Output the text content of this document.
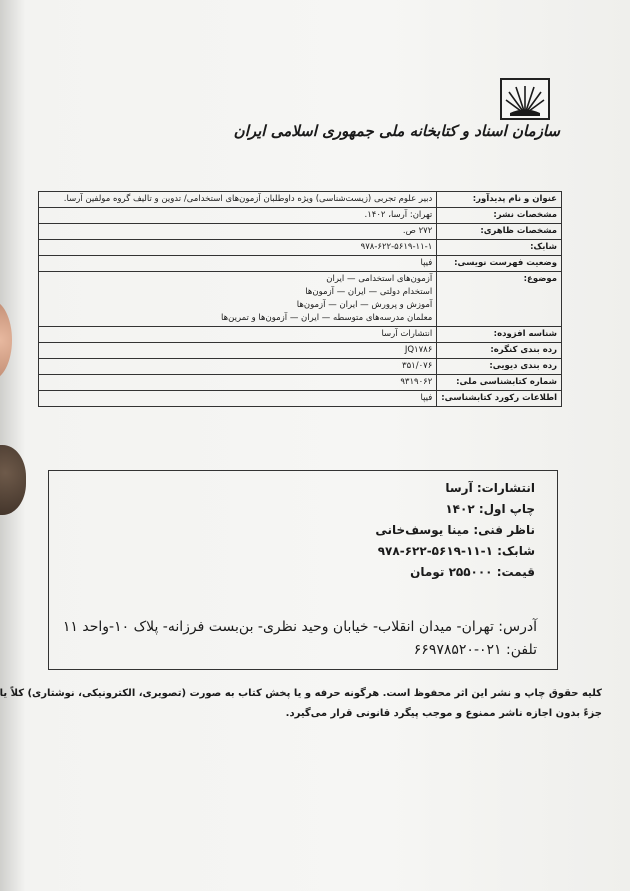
سازمان اسناد و کتابخانه ملی جمهوری اسلامی ایران
عنوان و نام پدیدآور:	دبیر علوم تجربی (زیست‌شناسی) ویژه داوطلبان آزمون‌های استخدامی/ تدوین و تالیف گروه مولفین آرسا.

مشخصات نشر:	تهران: آرسا، ۱۴۰۲.

مشخصات ظاهری:	۲۷۲ ص.

شابک:	۹۷۸-۶۲۲-۵۶۱۹-۱۱-۱

وضعیت فهرست نویسی:	فیپا

موضوع:	آزمون‌های استخدامی — ایران
استخدام دولتی — ایران — آزمون‌ها
آموزش و پرورش — ایران — آزمون‌ها
معلمان مدرسه‌های متوسطه — ایران — آزمون‌ها و تمرین‌ها

شناسه افزوده:	انتشارات آرسا

رده بندی کنگره:	JQ۱۷۸۶

رده بندی دیویی:	۳۵۱/۰۷۶

شماره کتابشناسی ملی:	۹۳۱۹۰۶۲

اطلاعات رکورد کتابشناسی:	فیپا
انتشارات: آرسا
چاپ اول: ۱۴۰۲
ناظر فنی: مینا یوسف‌خانی
شابک: ۱-۱۱-۵۶۱۹-۶۲۲-۹۷۸
قیمت: ۲۵۵۰۰۰ تومان
آدرس: تهران- میدان انقلاب- خیابان وحید نظری- بن‌بست فرزانه- پلاک ۱۰-واحد ۱۱
تلفن: ۰۲۱-۶۶۹۷۸۵۲۰
کلیه حقوق چاپ و نشر این اثر محفوظ است. هرگونه حرفه و یا پخش کتاب به صورت (تصویری، الکترونیکی، نوشتاری) کلاً یا
جزءً بدون اجازه ناشر ممنوع و موجب پیگرد قانونی قرار می‌گیرد.
